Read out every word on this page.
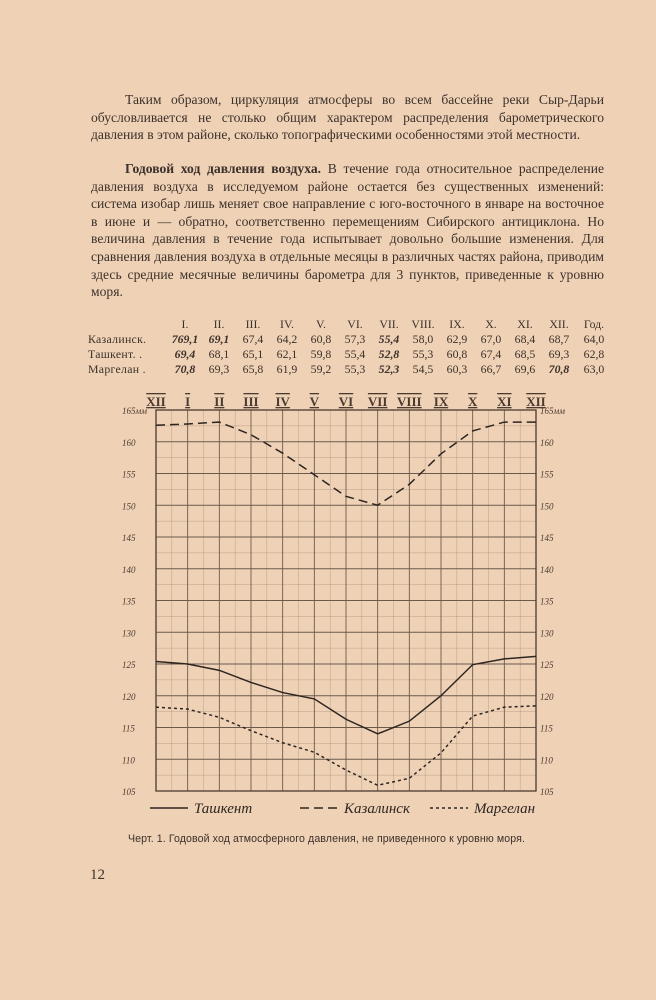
Таким образом, циркуляция атмосферы во всем бассейне реки Сыр-Дарьи обусловливается не столько общим характером распределения барометрического давления в этом районе, сколько топографическими особенностями этой местности.

Годовой ход давления воздуха. В течение года относительное распределение давления воздуха в исследуемом районе остается без существенных изменений: система изобар лишь меняет свое направление с юго-восточного в январе на восточное в июне и — обратно, соответственно перемещениям Сибирского антициклона. Но величина давления в течение года испытывает довольно большие изменения. Для сравнения давления воздуха в отдельные месяцы в различных частях района, приводим здесь средние месячные величины барометра для 3 пунктов, приведенные к уровню моря.

	I.	II.	III.	IV.	V.	VI.	VII.	VIII.	IX.	X.	XI.	XII.	Год.
Казалинск.	769,1	69,1	67,4	64,2	60,8	57,3	55,4	58,0	62,9	67,0	68,4	68,7	64,0
Ташкент. .	69,4	68,1	65,1	62,1	59,8	55,4	52,8	55,3	60,8	67,4	68,5	69,3	62,8
Маргелан .	70,8	69,3	65,8	61,9	59,2	55,3	52,3	54,5	60,3	66,7	69,6	70,8	63,0
XII I II III IV V VI VII VIII IX X XI XII
165мм	165мм
160	160
155	155
150	150
145	145
140	140
135	135
130	130
125	125
120	120
115	115
110	110
105	105
Ташкент	Казалинск	Маргелан

Черт. 1. Годовой ход атмосферного давления, не приведенного к уровню моря.

12
